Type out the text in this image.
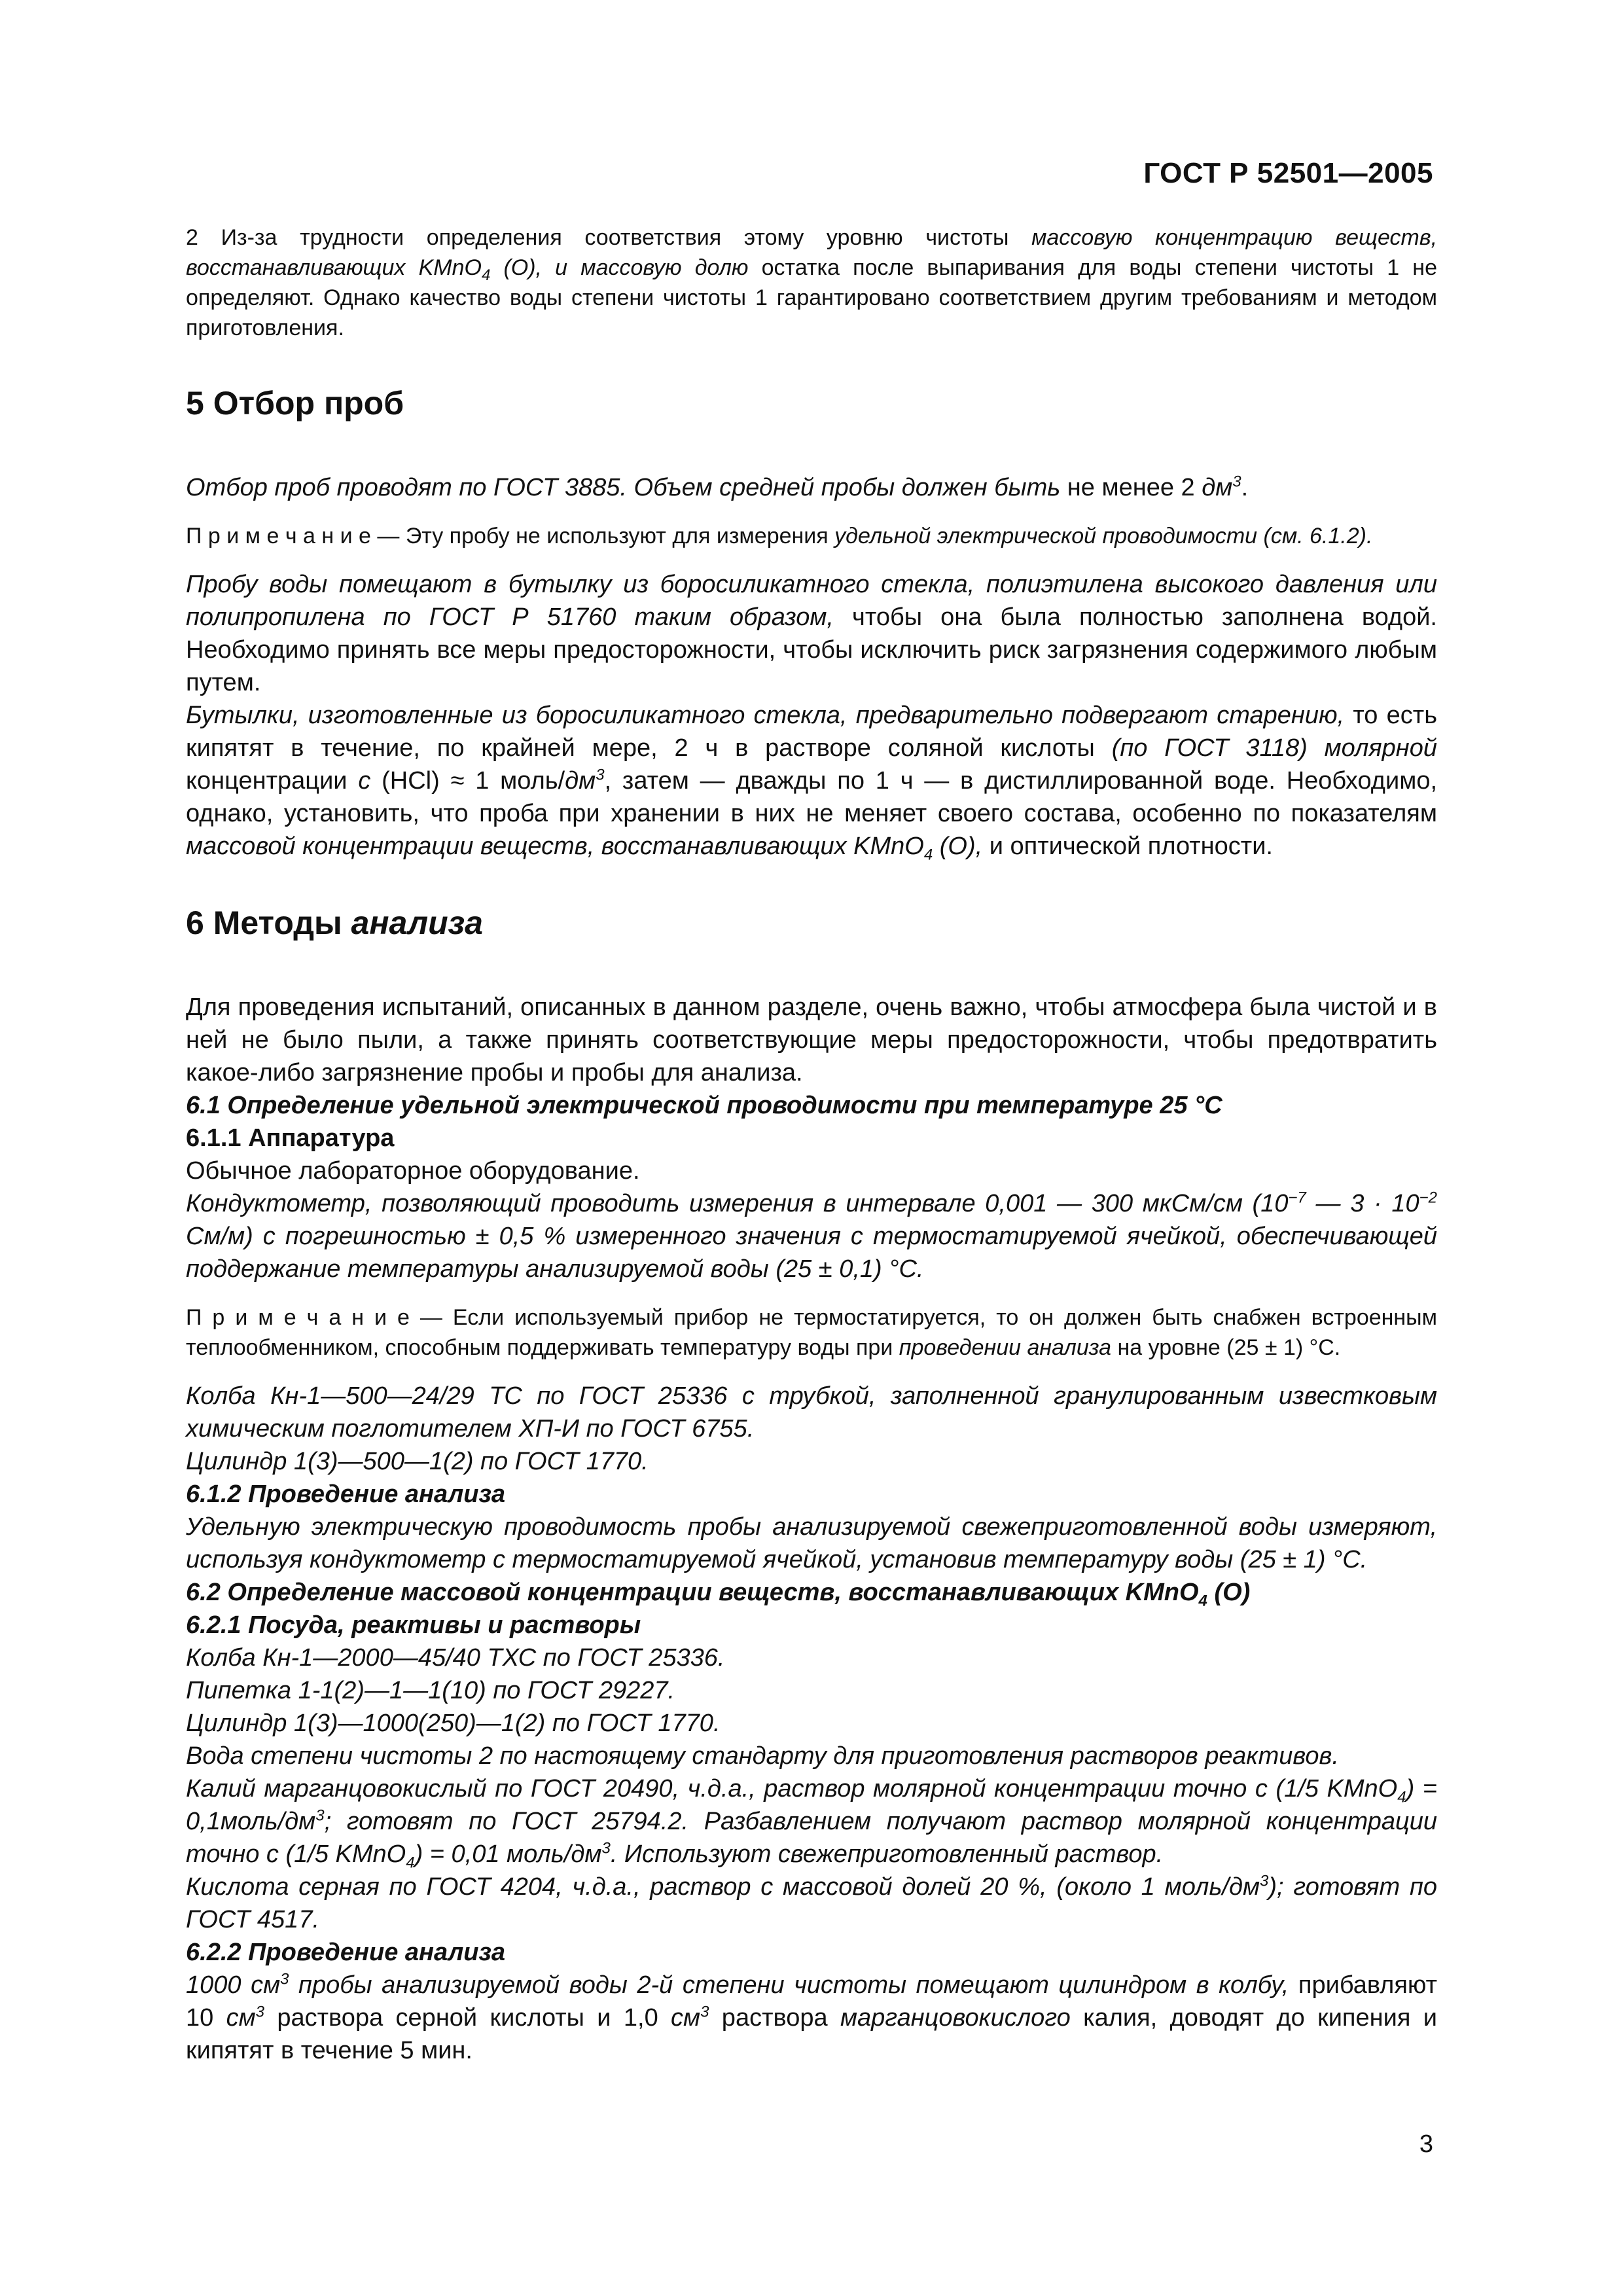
ГОСТ Р 52501—2005

2 Из-за трудности определения соответствия этому уровню чистоты массовую концентрацию веществ, восстанавливающих KMnO$_4$ (О), и массовую долю остатка после выпаривания для воды степени чистоты 1 не определяют. Однако качество воды степени чистоты 1 гарантировано соответствием другим требованиям и методом приготовления.

5 Отбор проб

Отбор проб проводят по ГОСТ 3885. Объем средней пробы должен быть не менее 2 $дм^3$.

П р и м е ч а н и е — Эту пробу не используют для измерения удельной электрической проводимости (см. 6.1.2).

Пробу воды помещают в бутылку из боросиликатного стекла, полиэтилена высокого давления или полипропилена по ГОСТ Р 51760 таким образом, чтобы она была полностью заполнена водой. Необходимо принять все меры предосторожности, чтобы исключить риск загрязнения содержимого любым путем.

Бутылки, изготовленные из боросиликатного стекла, предварительно подвергают старению, то есть кипятят в течение, по крайней мере, 2 ч в растворе соляной кислоты (по ГОСТ 3118) молярной концентрации с (HCl) ≈ 1 моль/$дм^3$, затем — дважды по 1 ч — в дистиллированной воде. Необходимо, однако, установить, что проба при хранении в них не меняет своего состава, особенно по показателям массовой концентрации веществ, восстанавливающих KMnO$_4$ (О), и оптической плотности.

6 Методы анализа

Для проведения испытаний, описанных в данном разделе, очень важно, чтобы атмосфера была чистой и в ней не было пыли, а также принять соответствующие меры предосторожности, чтобы предотвратить какое-либо загрязнение пробы и пробы для анализа.

6.1 Определение удельной электрической проводимости при температуре 25 °С

6.1.1 Аппаратура

Обычное лабораторное оборудование.

Кондуктометр, позволяющий проводить измерения в интервале 0,001 — 300 мкСм/см ($10^{-7}$ — $3 \cdot 10^{-2}$ См/м) с погрешностью ± 0,5 % измеренного значения с термостатируемой ячейкой, обеспечивающей поддержание температуры анализируемой воды (25 ± 0,1) °С.

П р и м е ч а н и е — Если используемый прибор не термостатируется, то он должен быть снабжен встроенным теплообменником, способным поддерживать температуру воды при проведении анализа на уровне (25 ± 1) °С.

Колба Кн-1—500—24/29 ТС по ГОСТ 25336 с трубкой, заполненной гранулированным известковым химическим поглотителем ХП-И по ГОСТ 6755.

Цилиндр 1(3)—500—1(2) по ГОСТ 1770.

6.1.2 Проведение анализа

Удельную электрическую проводимость пробы анализируемой свежеприготовленной воды измеряют, используя кондуктометр с термостатируемой ячейкой, установив температуру воды (25 ± 1) °С.

6.2 Определение массовой концентрации веществ, восстанавливающих KMnO$_4$ (О)

6.2.1 Посуда, реактивы и растворы

Колба Кн-1—2000—45/40 ТХС по ГОСТ 25336.

Пипетка 1-1(2)—1—1(10) по ГОСТ 29227.

Цилиндр 1(3)—1000(250)—1(2) по ГОСТ 1770.

Вода степени чистоты 2 по настоящему стандарту для приготовления растворов реактивов.

Калий марганцовокислый по ГОСТ 20490, ч.д.а., раствор молярной концентрации точно с (1/5 KMnO$_4$) = $0,1моль/дм^3$; готовят по ГОСТ 25794.2. Разбавлением получают раствор молярной концентрации точно с (1/5 KMnO$_4$) = 0,01 моль/$дм^3$. Используют свежеприготовленный раствор.

Кислота серная по ГОСТ 4204, ч.д.а., раствор с массовой долей 20 %, (около 1 моль/$дм^3$); готовят по ГОСТ 4517.

6.2.2 Проведение анализа

1000 $см^3$ пробы анализируемой воды 2-й степени чистоты помещают цилиндром в колбу, прибавляют 10 $см^3$ раствора серной кислоты и 1,0 $см^3$ раствора марганцовокислого калия, доводят до кипения и кипятят в течение 5 мин.

3
